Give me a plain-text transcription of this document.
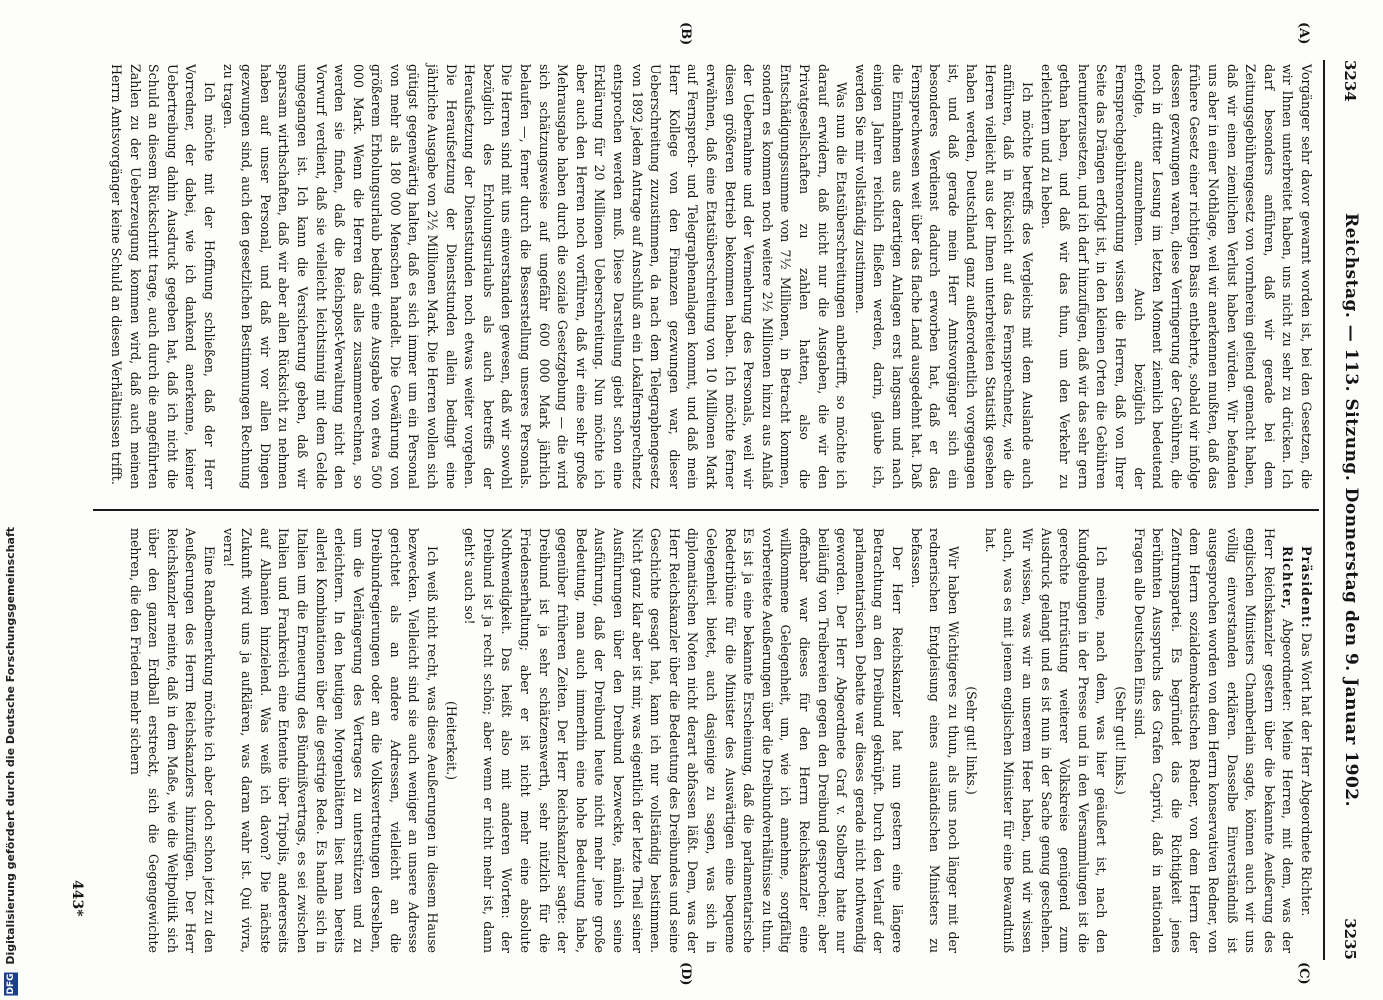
3234
Reichstag. — 113. Sitzung. Donnerstag den 9. Januar 1902.
3235
(A)
(B)
(C)
(D)

Vorgänger sehr davor gewarnt worden ist, bei den Gesetzen, die wir Ihnen unterbreitet haben, uns nicht zu sehr zu drücken. Ich darf besonders anführen, daß wir gerade bei dem Zeitungsgebührengesetz von vornherein geltend gemacht haben, daß wir einen ziemlichen Verlust haben würden. Wir befanden uns aber in einer Nothlage, weil wir anerkennen mußten, daß das frühere Gesetz einer richtigen Basis entbehrte, sobald wir infolge dessen gezwungen waren, diese Verringerung der Gebühren, die noch in dritter Lesung im letzten Moment ziemlich bedeutend erfolgte, anzunehmen. Auch bezüglich der Fernsprechgebührenordnung wissen die Herren, daß von Ihrer Seite das Drängen erfolgt ist, in den kleinen Orten die Gebühren herunterzusetzen, und ich darf hinzufügen, daß wir das sehr gern gethan haben, und daß wir das thun, um den Verkehr zu erleichtern und zu heben.

Ich möchte betreffs des Vergleichs mit dem Auslande auch anführen, daß in Rücksicht auf das Fernsprechnetz, wie die Herren vielleicht aus der Ihnen unterbreiteten Statistik gesehen haben werden, Deutschland ganz außerordentlich vorgegangen ist, und daß gerade mein Herr Amtsvorgänger sich ein besonderes Verdienst dadurch erworben hat, daß er das Fernsprechwesen weit über das flache Land ausgedehnt hat. Daß die Einnahmen aus derartigen Anlagen erst langsam und nach einigen Jahren reichlich fließen werden, darin, glaube ich, werden Sie mir vollständig zustimmen.

Was nun die Etatsüberschreitungen anbetrifft, so möchte ich darauf erwidern, daß nicht nur die Ausgaben, die wir den Privatgesellschaften zu zahlen hatten, also die Entschädigungssumme von 7½ Millionen, in Betracht kommen, sondern es kommen noch weitere 2½ Millionen hinzu aus Anlaß der Uebernahme und der Vermehrung des Personals, weil wir diesen größeren Betrieb bekommen haben. Ich möchte ferner erwähnen, daß eine Etatsüberschreitung von 10 Millionen Mark auf Fernsprech- und Telegraphenanlagen kommt, und daß mein Herr Kollege von den Finanzen gezwungen war, dieser Ueberschreitung zuzustimmen, da nach dem Telegraphengesetz von 1892 jedem Antrage auf Anschluß an ein Lokalfernsprechnetz entsprochen werden muß. Diese Darstellung giebt schon eine Erklärung für 20 Millionen Ueberschreitung. Nun möchte ich aber auch den Herren noch vorführen, daß wir eine sehr große Mehrausgabe haben durch die soziale Gesetzgebung — die wird sich schätzungsweise auf ungefähr 600 000 Mark jährlich belaufen —, ferner durch die Besserstellung unseres Personals. Die Herren sind mit uns einverstanden gewesen, daß wir sowohl bezüglich des Erholungsurlaubs als auch betreffs der Heraufsetzung der Dienststunden noch etwas weiter vorgehen. Die Heraufsetzung der Dienststunden allein bedingt eine jährliche Ausgabe von 2½ Millionen Mark. Die Herren wollen sich gütigst gegenwärtig halten, daß es sich immer um ein Personal von mehr als 180 000 Menschen handelt. Die Gewährung von größerem Erholungsurlaub bedingt eine Ausgabe von etwa 500 000 Mark. Wenn die Herren das alles zusammenrechnen, so werden sie finden, daß die Reichspost-Verwaltung nicht den Vorwurf verdient, daß sie vielleicht leichtsinnig mit dem Gelde umgegangen ist. Ich kann die Versicherung geben, daß wir sparsam wirthschaften, daß wir aber allen Rücksicht zu nehmen haben auf unser Personal, und daß wir vor allen Dingen gezwungen sind, auch den gesetzlichen Bestimmungen Rechnung zu tragen.

Ich möchte mit der Hoffnung schließen, daß der Herr Vorredner, der dabei, wie ich dankend anerkenne, keiner Uebertreibung dahin Ausdruck gegeben hat, daß ich nicht die Schuld an diesem Rückschritt trage, auch durch die angeführten Zahlen zu der Ueberzeugung kommen wird, daß auch meinen Herrn Amtsvorgänger keine Schuld an diesen Verhältnissen trifft.

Präsident: Das Wort hat der Herr Abgeordnete Richter.

Richter, Abgeordneter: Meine Herren, mit dem, was der Herr Reichskanzler gestern über die bekannte Aeußerung des englischen Ministers Chamberlain sagte, können auch wir uns völlig einverstanden erklären. Dasselbe Einverständniß ist ausgesprochen worden von dem Herrn konservativen Redner, von dem Herrn sozialdemokratischen Redner, von dem Herrn der Zentrumspartei. Es begründet das die Richtigkeit jenes berühmten Ausspruchs des Grafen Caprivi, daß in nationalen Fragen alle Deutschen Eins sind.

(Sehr gut! links.)

Ich meine, nach dem, was hier geäußert ist, nach den Kundgebungen in der Presse und in den Versammlungen ist die gerechte Entrüstung weiterer Volkskreise genügend zum Ausdruck gelangt und es ist nun in der Sache genug geschehen. Wir wissen, was wir an unserem Heer haben, und wir wissen auch, was es mit jenem englischen Minister für eine Bewandtniß hat.

(Sehr gut! links.)

Wir haben Wichtigeres zu thun, als uns noch länger mit der rednerischen Entgleisung eines ausländischen Ministers zu befassen.

Der Herr Reichskanzler hat nun gestern eine längere Betrachtung an den Dreibund geknüpft. Durch den Verlauf der parlamentarischen Debatte war dieses gerade nicht nothwendig geworden. Der Herr Abgeordnete Graf v. Stolberg hatte nur beiläufig von Treibereien gegen den Dreibund gesprochen; aber offenbar war dieses für den Herrn Reichskanzler eine willkommene Gelegenheit, um, wie ich annehme, sorgfältig vorbereitete Aeußerungen über die Dreibundverhältnisse zu thun. Es ist ja eine bekannte Erscheinung, daß die parlamentarische Redetribüne für die Minister des Auswärtigen eine bequeme Gelegenheit bietet, auch dasjenige zu sagen, was sich in diplomatischen Noten nicht derart abfassen läßt. Dem, was der Herr Reichskanzler über die Bedeutung des Dreibundes und seine Geschichte gesagt hat, kann ich nur vollständig beistimmen. Nicht ganz klar aber ist mir, was eigentlich der letzte Theil seiner Ausführungen über den Dreibund bezweckte, nämlich seine Ausführung, daß der Dreibund heute nicht mehr jene große Bedeutung, man auch immerhin eine hohe Bedeutung habe, gegenüber früheren Zeiten. Der Herr Reichskanzler sagte: der Dreibund ist ja sehr schätzenswerth, sehr nützlich für die Friedenserhaltung; aber er ist nicht mehr eine absolute Nothwendigkeit. Das heißt also mit anderen Worten: der Dreibund ist ja recht schön; aber wenn er nicht mehr ist, dann geht's auch so!

(Heiterkeit.)

Ich weiß nicht recht, was diese Aeußerungen in diesem Hause bezwecken. Vielleicht sind sie auch weniger an unsere Adresse gerichtet als an andere Adressen, vielleicht an die Dreibundregierungen oder an die Volksvertretungen derselben, um die Verlängerung des Vertrages zu unterstützen und zu erleichtern. In den heutigen Morgenblättern liest man bereits allerlei Kombinationen über die gestrige Rede. Es handle sich in Italien um die Erneuerung des Bündnißvertrags, es sei zwischen Italien und Frankreich eine Entente über Tripolis, andererseits auf Albanien hinzielend. Was weiß ich davon? Die nächste Zukunft wird uns ja aufklären, was daran wahr ist. Qui vivra, verra!

Eine Randbemerkung möchte ich aber doch schon jetzt zu den Aeußerungen des Herrn Reichskanzlers hinzufügen. Der Herr Reichskanzler meinte, daß in dem Maße, wie die Weltpolitik sich über den ganzen Erdball erstreckt, sich die Gegengewichte mehren, die den Frieden mehr sichern

443*
DFG Digitalisierung gefördert durch die Deutsche Forschungsgemeinschaft
